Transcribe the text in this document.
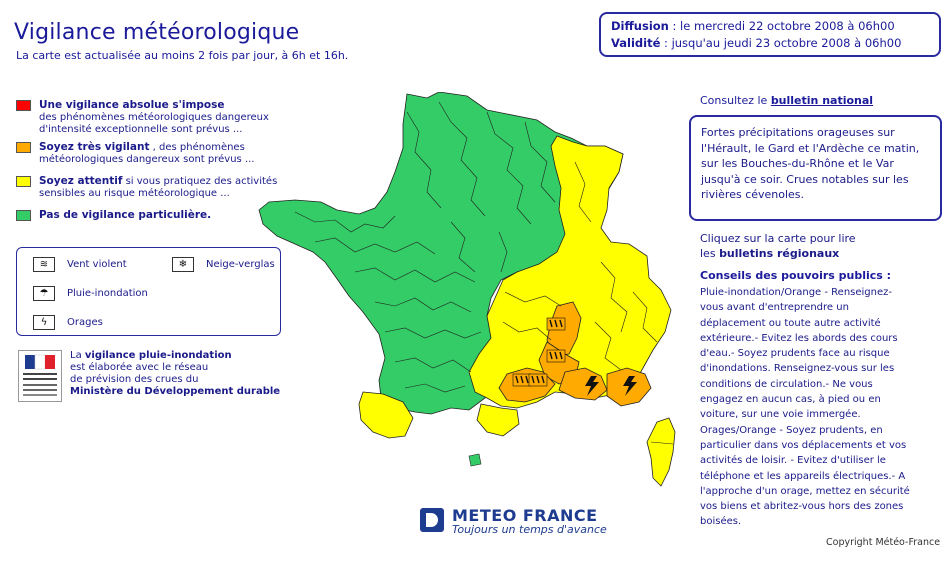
Vigilance météorologique
La carte est actualisée au moins 2 fois par jour, à 6h et 16h.
Diffusion : le mercredi 22 octobre 2008 à 06h00
Validité : jusqu'au jeudi 23 octobre 2008 à 06h00
Une vigilance absolue s'impose
des phénomènes météorologiques dangereux d'intensité exceptionnelle sont prévus ...
Soyez très vigilant , des phénomènes météorologiques dangereux sont prévus ...
Soyez attentif si vous pratiquez des activités sensibles au risque météorologique ...
Pas de vigilance particulière.
≋	Vent violent	❄	Neige-verglas
☂	Pluie-inondation
ϟ	Orages
La vigilance pluie-inondation
est élaborée avec le réseau
de prévision des crues du
Ministère du Développement durable
Consultez le bulletin national
Fortes précipitations orageuses sur l'Hérault, le Gard et l'Ardèche ce matin, sur les Bouches-du-Rhône et le Var jusqu'à ce soir. Crues notables sur les rivières cévenoles.
Cliquez sur la carte pour lire
les bulletins régionaux
Conseils des pouvoirs publics :
Pluie-inondation/Orange - Renseignez-vous avant d'entreprendre un déplacement ou toute autre activité extérieure.- Evitez les abords des cours d'eau.- Soyez prudents face au risque d'inondations. Renseignez-vous sur les conditions de circulation.- Ne vous engagez en aucun cas, à pied ou en voiture, sur une voie immergée. Orages/Orange - Soyez prudents, en particulier dans vos déplacements et vos activités de loisir. - Evitez d'utiliser le téléphone et les appareils électriques.- A l'approche d'un orage, mettez en sécurité vos biens et abritez-vous hors des zones boisées.
METEO FRANCE
Toujours un temps d'avance
Copyright Météo-France
